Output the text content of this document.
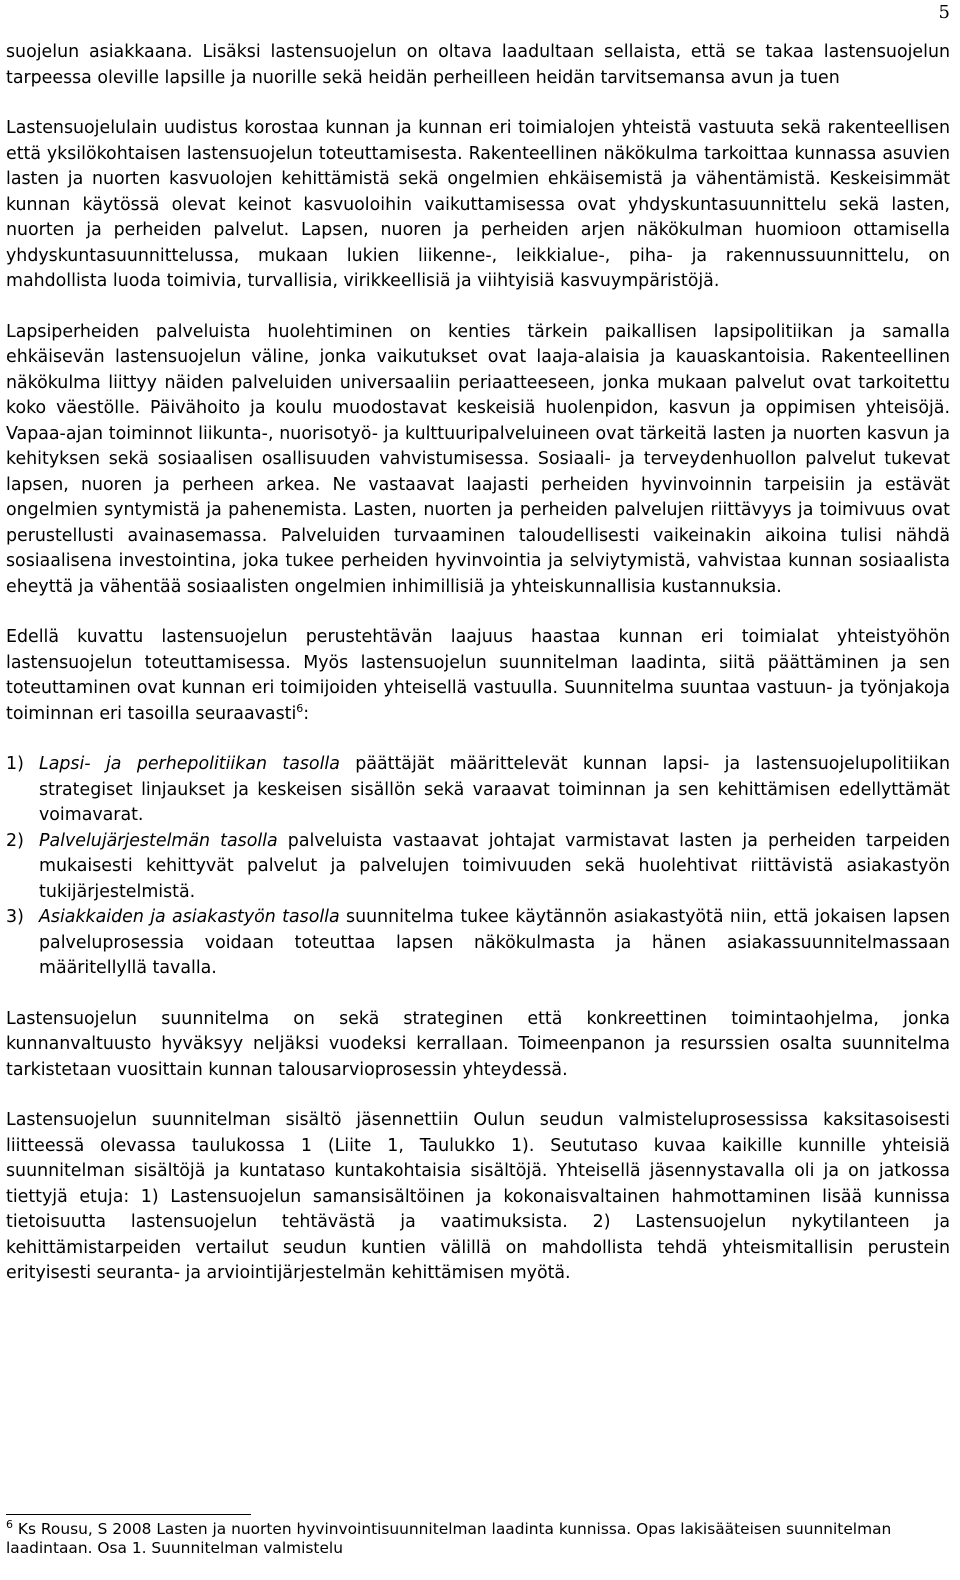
5

suojelun asiakkaana. Lisäksi lastensuojelun on oltava laadultaan sellaista, että se takaa lastensuojelun tarpeessa oleville lapsille ja nuorille sekä heidän perheilleen heidän tarvitsemansa avun ja tuen

Lastensuojelulain uudistus korostaa kunnan ja kunnan eri toimialojen yhteistä vastuuta sekä rakenteellisen että yksilökohtaisen lastensuojelun toteuttamisesta. Rakenteellinen näkökulma tarkoittaa kunnassa asuvien lasten ja nuorten kasvuolojen kehittämistä sekä ongelmien ehkäisemistä ja vähentämistä. Keskeisimmät kunnan käytössä olevat keinot kasvuoloihin vaikuttamisessa ovat yhdyskuntasuunnittelu sekä lasten, nuorten ja perheiden palvelut. Lapsen, nuoren ja perheiden arjen näkökulman huomioon ottamisella yhdyskuntasuunnittelussa, mukaan lukien liikenne-, leikkialue-, piha- ja rakennussuunnittelu, on mahdollista luoda toimivia, turvallisia, virikkeellisiä ja viihtyisiä kasvuympäristöjä.

Lapsiperheiden palveluista huolehtiminen on kenties tärkein paikallisen lapsipolitiikan ja samalla ehkäisevän lastensuojelun väline, jonka vaikutukset ovat laaja-alaisia ja kauaskantoisia. Rakenteellinen näkökulma liittyy näiden palveluiden universaaliin periaatteeseen, jonka mukaan palvelut ovat tarkoitettu koko väestölle. Päivähoito ja koulu muodostavat keskeisiä huolenpidon, kasvun ja oppimisen yhteisöjä. Vapaa-ajan toiminnot liikunta-, nuorisotyö- ja kulttuuripalveluineen ovat tärkeitä lasten ja nuorten kasvun ja kehityksen sekä sosiaalisen osallisuuden vahvistumisessa. Sosiaali- ja terveydenhuollon palvelut tukevat lapsen, nuoren ja perheen arkea. Ne vastaavat laajasti perheiden hyvinvoinnin tarpeisiin ja estävät ongelmien syntymistä ja pahenemista. Lasten, nuorten ja perheiden palvelujen riittävyys ja toimivuus ovat perustellusti avainasemassa. Palveluiden turvaaminen taloudellisesti vaikeinakin aikoina tulisi nähdä sosiaalisena investointina, joka tukee perheiden hyvinvointia ja selviytymistä, vahvistaa kunnan sosiaalista eheyttä ja vähentää sosiaalisten ongelmien inhimillisiä ja yhteiskunnallisia kustannuksia.

Edellä kuvattu lastensuojelun perustehtävän laajuus haastaa kunnan eri toimialat yhteistyöhön lastensuojelun toteuttamisessa. Myös lastensuojelun suunnitelman laadinta, siitä päättäminen ja sen toteuttaminen ovat kunnan eri toimijoiden yhteisellä vastuulla. Suunnitelma suuntaa vastuun- ja työnjakoja toiminnan eri tasoilla seuraavasti$^6$:

1) Lapsi- ja perhepolitiikan tasolla päättäjät määrittelevät kunnan lapsi- ja lastensuojelupolitiikan strategiset linjaukset ja keskeisen sisällön sekä varaavat toiminnan ja sen kehittämisen edellyttämät voimavarat.
2) Palvelujärjestelmän tasolla palveluista vastaavat johtajat varmistavat lasten ja perheiden tarpeiden mukaisesti kehittyvät palvelut ja palvelujen toimivuuden sekä huolehtivat riittävistä asiakastyön tukijärjestelmistä.
3) Asiakkaiden ja asiakastyön tasolla suunnitelma tukee käytännön asiakastyötä niin, että jokaisen lapsen palveluprosessia voidaan toteuttaa lapsen näkökulmasta ja hänen asiakassuunnitelmassaan määritellyllä tavalla.

Lastensuojelun suunnitelma on sekä strateginen että konkreettinen toimintaohjelma, jonka kunnanvaltuusto hyväksyy neljäksi vuodeksi kerrallaan. Toimeenpanon ja resurssien osalta suunnitelma tarkistetaan vuosittain kunnan talousarvioprosessin yhteydessä.

Lastensuojelun suunnitelman sisältö jäsennettiin Oulun seudun valmisteluprosessissa kaksitasoisesti liitteessä olevassa taulukossa 1 (Liite 1, Taulukko 1). Seututaso kuvaa kaikille kunnille yhteisiä suunnitelman sisältöjä ja kuntataso kuntakohtaisia sisältöjä. Yhteisellä jäsennystavalla oli ja on jatkossa tiettyjä etuja: 1) Lastensuojelun samansisältöinen ja kokonaisvaltainen hahmottaminen lisää kunnissa tietoisuutta lastensuojelun tehtävästä ja vaatimuksista. 2) Lastensuojelun nykytilanteen ja kehittämistarpeiden vertailut seudun kuntien välillä on mahdollista tehdä yhteismitallisin perustein erityisesti seuranta- ja arviointijärjestelmän kehittämisen myötä.

$^6$ Ks Rousu, S 2008 Lasten ja nuorten hyvinvointisuunnitelman laadinta kunnissa. Opas lakisääteisen suunnitelman laadintaan. Osa 1. Suunnitelman valmistelu
